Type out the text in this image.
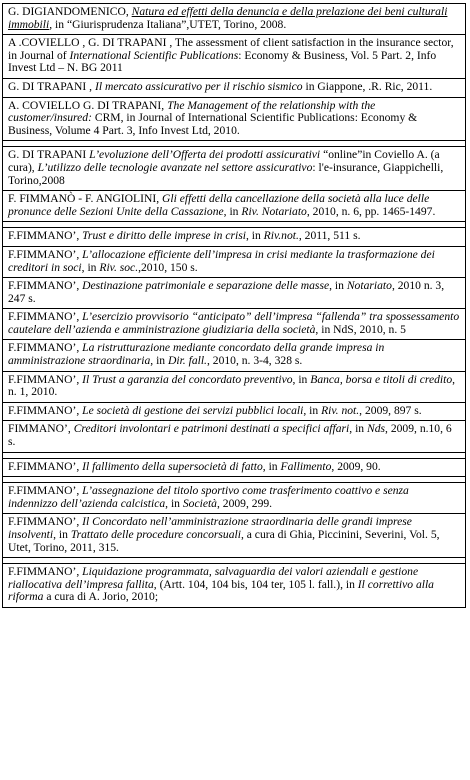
G. DIGIANDOMENICO, Natura ed effetti della denuncia e della prelazione dei beni culturali immobili, in “Giurisprudenza Italiana”,UTET, Torino, 2008.
A .COVIELLO , G. DI TRAPANI , The assessment of client satisfaction in the insurance sector, in Journal of International Scientific Publications: Economy & Business, Vol. 5 Part. 2, Info Invest Ltd – N. BG 2011
G. DI TRAPANI , Il mercato assicurativo per il rischio sismico in Giappone, .R. Ric, 2011.
A. COVIELLO G. DI TRAPANI, The Management of the relationship with the customer/insured: CRM, in Journal of International Scientific Publications: Economy & Business, Volume 4 Part. 3, Info Invest Ltd, 2010.
G. DI TRAPANI L’evoluzione dell’Offerta dei prodotti assicurativi “online”in Coviello A. (a cura), L’utilizzo delle tecnologie avanzate nel settore assicurativo: l'e-insurance, Giappichelli, Torino,2008
F. FIMMANÒ - F. ANGIOLINI, Gli effetti della cancellazione della società alla luce delle pronunce delle Sezioni Unite della Cassazione, in Riv. Notariato, 2010, n. 6, pp. 1465-1497.
F.FIMMANO’, Trust e diritto delle imprese in crisi, in Riv.not., 2011, 511 s.
F.FIMMANO’, L’allocazione efficiente dell’impresa in crisi mediante la trasformazione dei creditori in soci, in Riv. soc.,2010, 150 s.
F.FIMMANO’, Destinazione patrimoniale e separazione delle masse, in Notariato, 2010 n. 3, 247 s.
F.FIMMANO’, L’esercizio provvisorio “anticipato” dell’impresa “fallenda” tra spossessamento cautelare dell’azienda e amministrazione giudiziaria della società, in NdS, 2010, n. 5
F.FIMMANO’, La ristrutturazione mediante concordato della grande impresa in amministrazione straordinaria, in Dir. fall., 2010, n. 3-4, 328 s.
F.FIMMANO’, Il Trust a garanzia del concordato preventivo, in Banca, borsa e titoli di credito, n. 1, 2010.
F.FIMMANO’, Le società di gestione dei servizi pubblici locali, in Riv. not., 2009, 897 s.
FIMMANO’, Creditori involontari e patrimoni destinati a specifici affari, in Nds, 2009, n.10, 6 s.
F.FIMMANO’, Il fallimento della supersocietà di fatto, in Fallimento, 2009, 90.
F.FIMMANO’, L’assegnazione del titolo sportivo come trasferimento coattivo e senza indennizzo dell’azienda calcistica, in Società, 2009, 299.
F.FIMMANO’, Il Concordato nell’amministrazione straordinaria delle grandi imprese insolventi, in Trattato delle procedure concorsuali, a cura di Ghia, Piccinini, Severini, Vol. 5, Utet, Torino, 2011, 315.
F.FIMMANO’, Liquidazione programmata, salvaguardia dei valori aziendali e gestione riallocativa dell’impresa fallita, (Artt. 104, 104 bis, 104 ter, 105 l. fall.), in Il correttivo alla riforma a cura di A. Jorio, 2010;
